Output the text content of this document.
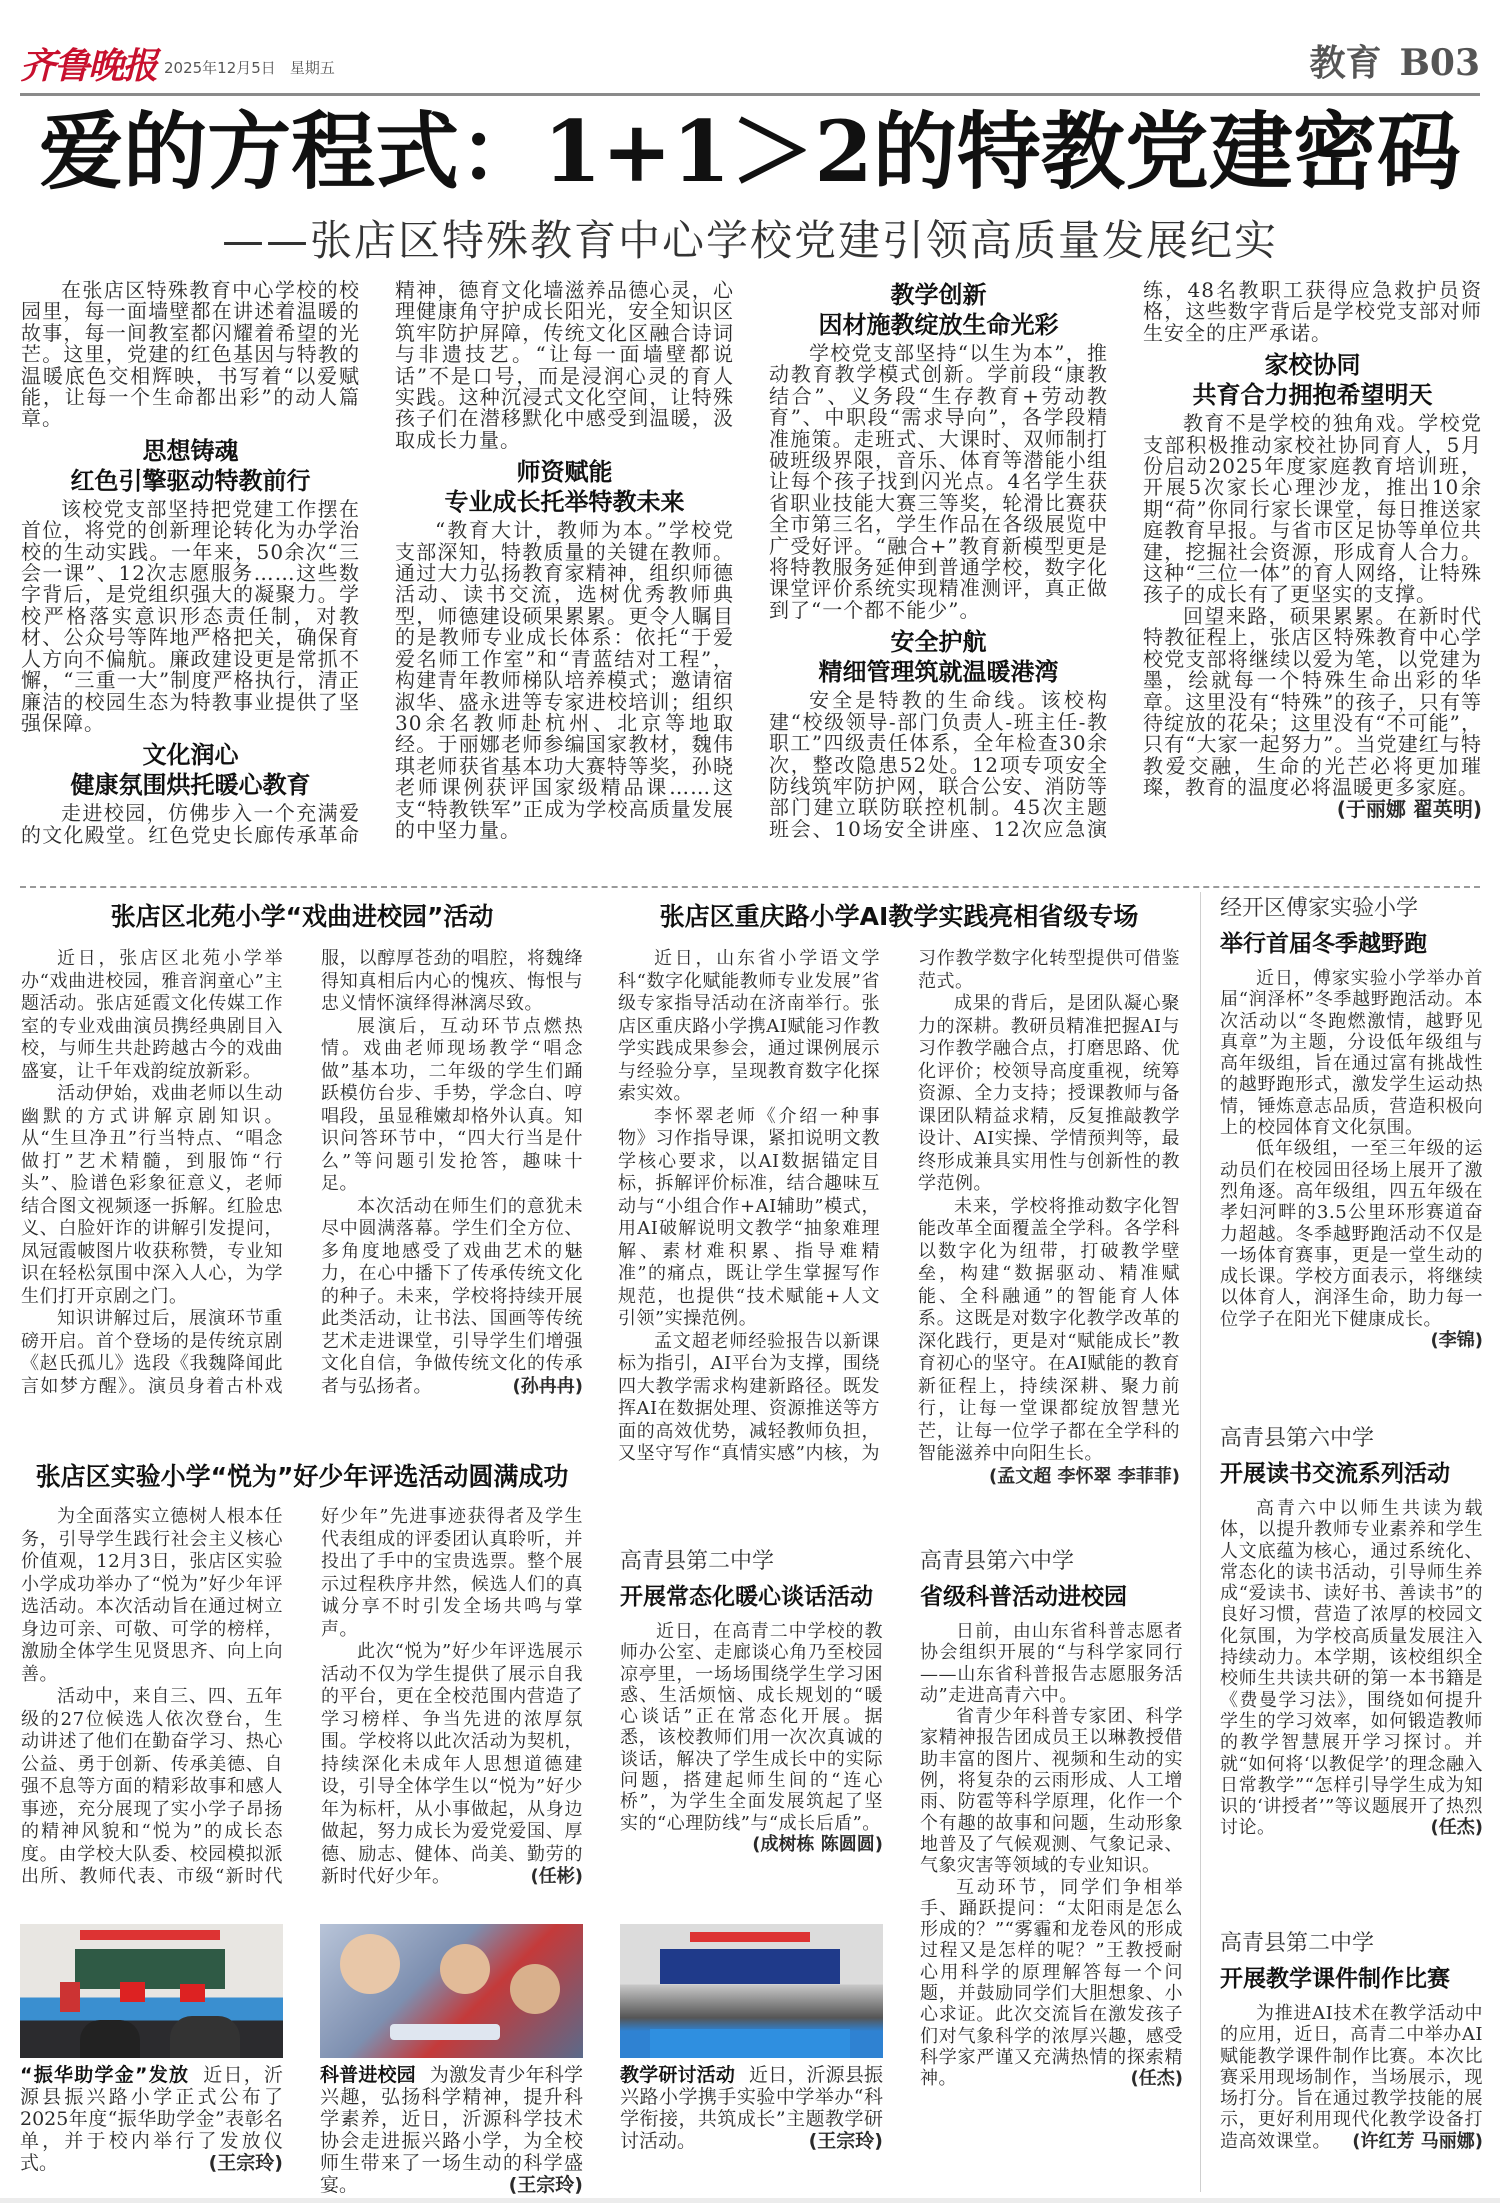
齐鲁晚报 2025年12月5日 星期五	教育 B03
爱的方程式：1+1＞2的特教党建密码
——张店区特殊教育中心学校党建引领高质量发展纪实

在张店区特殊教育中心学校的校园里，每一面墙壁都在讲述着温暖的故事，每一间教室都闪耀着希望的光芒。这里，党建的红色基因与特教的温暖底色交相辉映，书写着“以爱赋能，让每一个生命都出彩”的动人篇章。

思想铸魂
红色引擎驱动特教前行

该校党支部坚持把党建工作摆在首位，将党的创新理论转化为办学治校的生动实践。一年来，50余次“三会一课”、12次志愿服务……这些数字背后，是党组织强大的凝聚力。学校严格落实意识形态责任制，对教材、公众号等阵地严格把关，确保育人方向不偏航。廉政建设更是常抓不懈，“三重一大”制度严格执行，清正廉洁的校园生态为特教事业提供了坚强保障。

文化润心
健康氛围烘托暖心教育

走进校园，仿佛步入一个充满爱的文化殿堂。红色党史长廊传承革命精神，德育文化墙滋养品德心灵，心理健康角守护成长阳光，安全知识区筑牢防护屏障，传统文化区融合诗词与非遗技艺。“让每一面墙壁都说话”不是口号，而是浸润心灵的育人实践。这种沉浸式文化空间，让特殊孩子们在潜移默化中感受到温暖，汲取成长力量。

师资赋能
专业成长托举特教未来

“教育大计，教师为本。”学校党支部深知，特教质量的关键在教师。通过大力弘扬教育家精神，组织师德活动、读书交流，选树优秀教师典型，师德建设硕果累累。更令人瞩目的是教师专业成长体系：依托“于爱爱名师工作室”和“青蓝结对工程”，构建青年教师梯队培养模式；邀请宿淑华、盛永进等专家进校培训；组织30余名教师赴杭州、北京等地取经。于丽娜老师参编国家教材，魏伟琪老师获省基本功大赛特等奖，孙晓老师课例获评国家级精品课……这支“特教铁军”正成为学校高质量发展的中坚力量。

教学创新
因材施教绽放生命光彩

学校党支部坚持“以生为本”，推动教育教学模式创新。学前段“康教结合”、义务段“生存教育+劳动教育”、中职段“需求导向”，各学段精准施策。走班式、大课时、双师制打破班级界限，音乐、体育等潜能小组让每个孩子找到闪光点。4名学生获省职业技能大赛三等奖，轮滑比赛获全市第三名，学生作品在各级展览中广受好评。“融合+”教育新模型更是将特教服务延伸到普通学校，数字化课堂评价系统实现精准测评，真正做到了“一个都不能少”。

安全护航
精细管理筑就温暖港湾

安全是特教的生命线。该校构建“校级领导-部门负责人-班主任-教职工”四级责任体系，全年检查30余次，整改隐患52处。12项专项安全防线筑牢防护网，联合公安、消防等部门建立联防联控机制。45次主题班会、10场安全讲座、12次应急演练，48名教职工获得应急救护员资格，这些数字背后是学校党支部对师生安全的庄严承诺。

家校协同
共育合力拥抱希望明天

教育不是学校的独角戏。学校党支部积极推动家校社协同育人，5月份启动2025年度家庭教育培训班，开展5次家长心理沙龙，推出10余期“荷”你同行家长课堂，每日推送家庭教育早报。与省市区足协等单位共建，挖掘社会资源，形成育人合力。这种“三位一体”的育人网络，让特殊孩子的成长有了更坚实的支撑。

回望来路，硕果累累。在新时代特教征程上，张店区特殊教育中心学校党支部将继续以爱为笔，以党建为墨，绘就每一个特殊生命出彩的华章。这里没有“特殊”的孩子，只有等待绽放的花朵；这里没有“不可能”，只有“大家一起努力”。当党建红与特教爱交融，生命的光芒必将更加璀璨，教育的温度必将温暖更多家庭。
(于丽娜 翟英明)

张店区北苑小学“戏曲进校园”活动

近日，张店区北苑小学举办“戏曲进校园，雅音润童心”主题活动。张店延霞文化传媒工作室的专业戏曲演员携经典剧目入校，与师生共赴跨越古今的戏曲盛宴，让千年戏韵绽放新彩。

活动伊始，戏曲老师以生动幽默的方式讲解京剧知识。从“生旦净丑”行当特点、“唱念做打”艺术精髓，到服饰“行头”、脸谱色彩象征意义，老师结合图文视频逐一拆解。红脸忠义、白脸奸诈的讲解引发提问，凤冠霞帔图片收获称赞，专业知识在轻松氛围中深入人心，为学生们打开京剧之门。

知识讲解过后，展演环节重磅开启。首个登场的是传统京剧《赵氏孤儿》选段《我魏降闻此言如梦方醒》。演员身着古朴戏服，以醇厚苍劲的唱腔，将魏绛得知真相后内心的愧疚、悔恨与忠义情怀演绎得淋漓尽致。

展演后，互动环节点燃热情。戏曲老师现场教学“唱念做”基本功，二年级的学生们踊跃模仿台步、手势，学念白、哼唱段，虽显稚嫩却格外认真。知识问答环节中，“四大行当是什么”等问题引发抢答，趣味十足。

本次活动在师生们的意犹未尽中圆满落幕。学生们全方位、多角度地感受了戏曲艺术的魅力，在心中播下了传承传统文化的种子。未来，学校将持续开展此类活动，让书法、国画等传统艺术走进课堂，引导学生们增强文化自信，争做传统文化的传承者与弘扬者。	(孙冉冉)

张店区重庆路小学AI教学实践亮相省级专场

近日，山东省小学语文学科“数字化赋能教师专业发展”省级专家指导活动在济南举行。张店区重庆路小学携AI赋能习作教学实践成果参会，通过课例展示与经验分享，呈现教育数字化探索实效。

李怀翠老师《介绍一种事物》习作指导课，紧扣说明文教学核心要求，以AI数据锚定目标，拆解评价标准，结合趣味互动与“小组合作+AI辅助”模式，用AI破解说明文教学“抽象难理解、素材难积累、指导难精准”的痛点，既让学生掌握写作规范，也提供“技术赋能+人文引领”实操范例。

孟文超老师经验报告以新课标为指引，AI平台为支撑，围绕四大教学需求构建新路径。既发挥AI在数据处理、资源推送等方面的高效优势，减轻教师负担，又坚守写作“真情实感”内核，为习作教学数字化转型提供可借鉴范式。

成果的背后，是团队凝心聚力的深耕。教研员精准把握AI与习作教学融合点，打磨思路、优化评价；校领导高度重视，统筹资源、全力支持；授课教师与备课团队精益求精，反复推敲教学设计、AI实操、学情预判等，最终形成兼具实用性与创新性的教学范例。

未来，学校将推动数字化智能改革全面覆盖全学科。各学科以数字化为纽带，打破教学壁垒，构建“数据驱动、精准赋能、全科融通”的智能育人体系。这既是对数字化教学改革的深化践行，更是对“赋能成长”教育初心的坚守。在AI赋能的教育新征程上，持续深耕、聚力前行，让每一堂课都绽放智慧光芒，让每一位学子都在全学科的智能滋养中向阳生长。
(孟文超 李怀翠 李菲菲)

张店区实验小学“悦为”好少年评选活动圆满成功

为全面落实立德树人根本任务，引导学生践行社会主义核心价值观，12月3日，张店区实验小学成功举办了“悦为”好少年评选活动。本次活动旨在通过树立身边可亲、可敬、可学的榜样，激励全体学生见贤思齐、向上向善。

活动中，来自三、四、五年级的27位候选人依次登台，生动讲述了他们在勤奋学习、热心公益、勇于创新、传承美德、自强不息等方面的精彩故事和感人事迹，充分展现了实小学子昂扬的精神风貌和“悦为”的成长态度。由学校大队委、校园模拟派出所、教师代表、市级“新时代好少年”先进事迹获得者及学生代表组成的评委团认真聆听，并投出了手中的宝贵选票。整个展示过程秩序井然，候选人们的真诚分享不时引发全场共鸣与掌声。

此次“悦为”好少年评选展示活动不仅为学生提供了展示自我的平台，更在全校范围内营造了学习榜样、争当先进的浓厚氛围。学校将以此次活动为契机，持续深化未成年人思想道德建设，引导全体学生以“悦为”好少年为标杆，从小事做起，从身边做起，努力成长为爱党爱国、厚德、励志、健体、尚美、勤劳的新时代好少年。	(任彬)

高青县第二中学
开展常态化暖心谈话活动

近日，在高青二中学校的教师办公室、走廊谈心角乃至校园凉亭里，一场场围绕学生学习困惑、生活烦恼、成长规划的“暖心谈话”正在常态化开展。据悉，该校教师们用一次次真诚的谈话，解决了学生成长中的实际问题，搭建起师生间的“连心桥”，为学生全面发展筑起了坚实的“心理防线”与“成长后盾”。
(成树栋 陈圆圆)

高青县第六中学
省级科普活动进校园

日前，由山东省科普志愿者协会组织开展的“与科学家同行——山东省科普报告志愿服务活动”走进高青六中。

省青少年科普专家团、科学家精神报告团成员王以琳教授借助丰富的图片、视频和生动的实例，将复杂的云雨形成、人工增雨、防雹等科学原理，化作一个个有趣的故事和问题，生动形象地普及了气候观测、气象记录、气象灾害等领域的专业知识。

互动环节，同学们争相举手、踊跃提问：“太阳雨是怎么形成的？”“雾霾和龙卷风的形成过程又是怎样的呢？”王教授耐心用科学的原理解答每一个问题，并鼓励同学们大胆想象、小心求证。此次交流旨在激发孩子们对气象科学的浓厚兴趣，感受科学家严谨又充满热情的探索精神。	(任杰)

经开区傅家实验小学
举行首届冬季越野跑

近日，傅家实验小学举办首届“润泽杯”冬季越野跑活动。本次活动以“冬跑燃激情，越野见真章”为主题，分设低年级组与高年级组，旨在通过富有挑战性的越野跑形式，激发学生运动热情，锤炼意志品质，营造积极向上的校园体育文化氛围。

低年级组，一至三年级的运动员们在校园田径场上展开了激烈角逐。高年级组，四五年级在孝妇河畔的3.5公里环形赛道奋力超越。冬季越野跑活动不仅是一场体育赛事，更是一堂生动的成长课。学校方面表示，将继续以体育人，润泽生命，助力每一位学子在阳光下健康成长。
(李锦)

高青县第六中学
开展读书交流系列活动

高青六中以师生共读为载体，以提升教师专业素养和学生人文底蕴为核心，通过系统化、常态化的读书活动，引导师生养成“爱读书、读好书、善读书”的良好习惯，营造了浓厚的校园文化氛围，为学校高质量发展注入持续动力。本学期，该校组织全校师生共读共研的第一本书籍是《费曼学习法》，围绕如何提升学生的学习效率，如何锻造教师的教学智慧展开学习探讨。并就“如何将‘以教促学’的理念融入日常教学”“怎样引导学生成为知识的‘讲授者’”等议题展开了热烈讨论。	(任杰)

高青县第二中学
开展教学课件制作比赛

为推进AI技术在教学活动中的应用，近日，高青二中举办AI赋能教学课件制作比赛。本次比赛采用现场制作，当场展示，现场打分。旨在通过教学技能的展示，更好利用现代化教学设备打造高效课堂。	(许红芳 马丽娜)

“振华助学金”发放 近日，沂源县振兴路小学正式公布了2025年度“振华助学金”表彰名单，并于校内举行了发放仪式。	(王宗玲)
科普进校园 为激发青少年科学兴趣，弘扬科学精神，提升科学素养，近日，沂源科学技术协会走进振兴路小学，为全校师生带来了一场生动的科学盛宴。	(王宗玲)
教学研讨活动 近日，沂源县振兴路小学携手实验中学举办“科学衔接，共筑成长”主题教学研讨活动。	(王宗玲)
